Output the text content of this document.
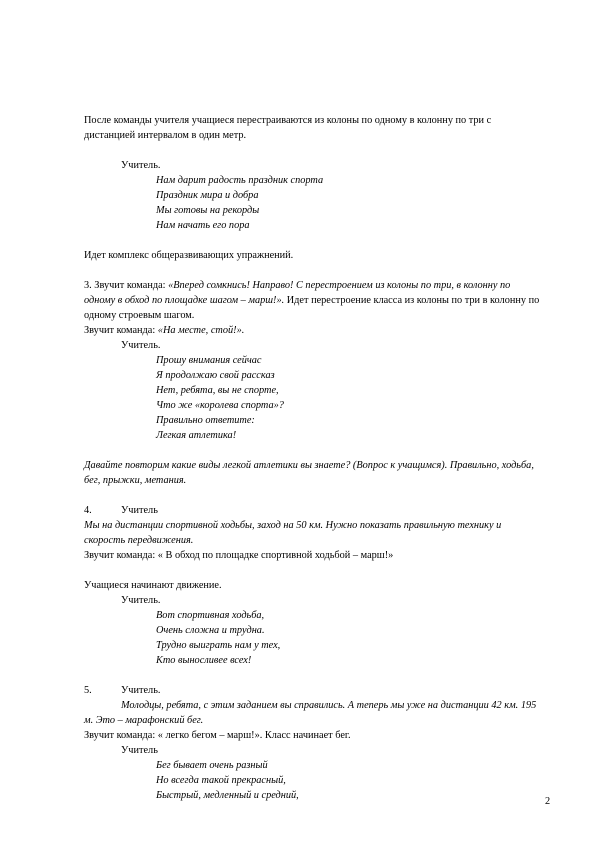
После команды учителя учащиеся перестраиваются из колоны по одному в колонну по три с дистанцией интервалом в один метр.

Учитель.

Нам дарит радость праздник спорта

Праздник мира и добра

Мы готовы на рекорды

Нам начать его пора

Идет комплекс общеразвивающих упражнений.

3. Звучит команда: «Вперед сомкнись! Направо! С перестроением из колоны по три, в колонну по одному в обход по площадке шагом – марш!». Идет перестроение класса из колоны по три в колонну по одному строевым шагом.

Звучит команда: «На месте, стой!».

Учитель.

Прошу внимания сейчас

Я продолжаю свой рассказ

Нет, ребята, вы не спорте,

Что же «королева спорта»?

Правильно ответите:

Легкая атлетика!

Давайте повторим какие виды легкой атлетики вы знаете? (Вопрос к учащимся). Правильно, ходьба, бег, прыжки, метания.

4.	Учитель

Мы на дистанции спортивной ходьбы, заход на 50 км. Нужно показать правильную технику и скорость передвижения.

Звучит команда: « В обход по площадке спортивной ходьбой – марш!»

Учащиеся начинают движение.

Учитель.

Вот спортивная ходьба,

Очень сложна и трудна.

Трудно выиграть нам у тех,

Кто выносливее всех!

5.	Учитель.

Молодцы, ребята, с этим заданием вы справились. А теперь мы уже на дистанции 42 км. 195 м. Это – марафонский бег.

Звучит команда: « легко бегом – марш!». Класс начинает бег.

Учитель

Бег бывает очень разный

Но всегда такой прекрасный,

Быстрый, медленный и средний,

2
